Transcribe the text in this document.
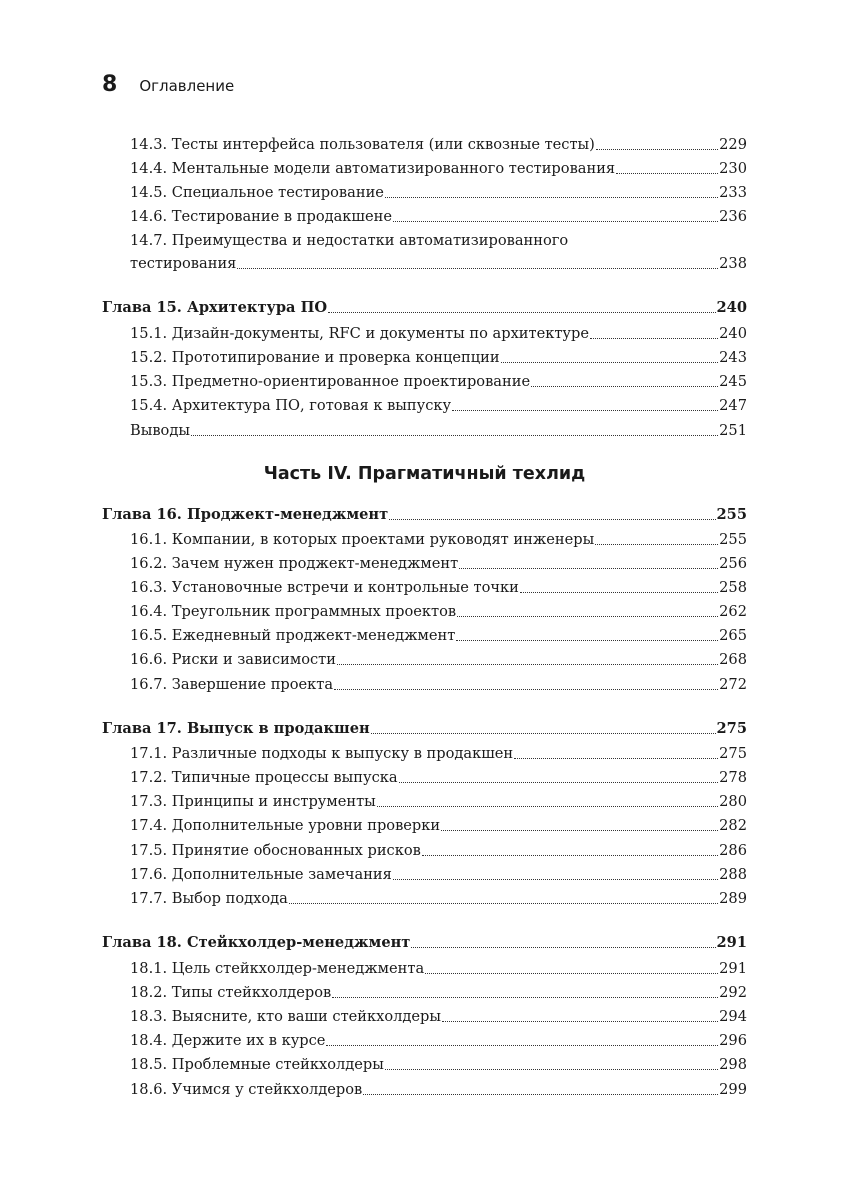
8 Оглавление
14.3. Тесты интерфейса пользователя (или сквозные тесты)	229
14.4. Ментальные модели автоматизированного тестирования	230
14.5. Специальное тестирование	233
14.6. Тестирование в продакшене	236
14.7. Преимущества и недостатки автоматизированного
тестирования	238
Глава 15. Архитектура ПО	240
15.1. Дизайн-документы, RFC и документы по архитектуре	240
15.2. Прототипирование и проверка концепции	243
15.3. Предметно-ориентированное проектирование	245
15.4. Архитектура ПО, готовая к выпуску	247
Выводы	251
Часть IV. Прагматичный техлид
Глава 16. Проджект-менеджмент	255
16.1. Компании, в которых проектами руководят инженеры	255
16.2. Зачем нужен проджект-менеджмент	256
16.3. Установочные встречи и контрольные точки	258
16.4. Треугольник программных проектов	262
16.5. Ежедневный проджект-менеджмент	265
16.6. Риски и зависимости	268
16.7. Завершение проекта	272
Глава 17. Выпуск в продакшен	275
17.1. Различные подходы к выпуску в продакшен	275
17.2. Типичные процессы выпуска	278
17.3. Принципы и инструменты	280
17.4. Дополнительные уровни проверки	282
17.5. Принятие обоснованных рисков	286
17.6. Дополнительные замечания	288
17.7. Выбор подхода	289
Глава 18. Стейкхолдер-менеджмент	291
18.1. Цель стейкхолдер-менеджмента	291
18.2. Типы стейкхолдеров	292
18.3. Выясните, кто ваши стейкхолдеры	294
18.4. Держите их в курсе	296
18.5. Проблемные стейкхолдеры	298
18.6. Учимся у стейкхолдеров	299
